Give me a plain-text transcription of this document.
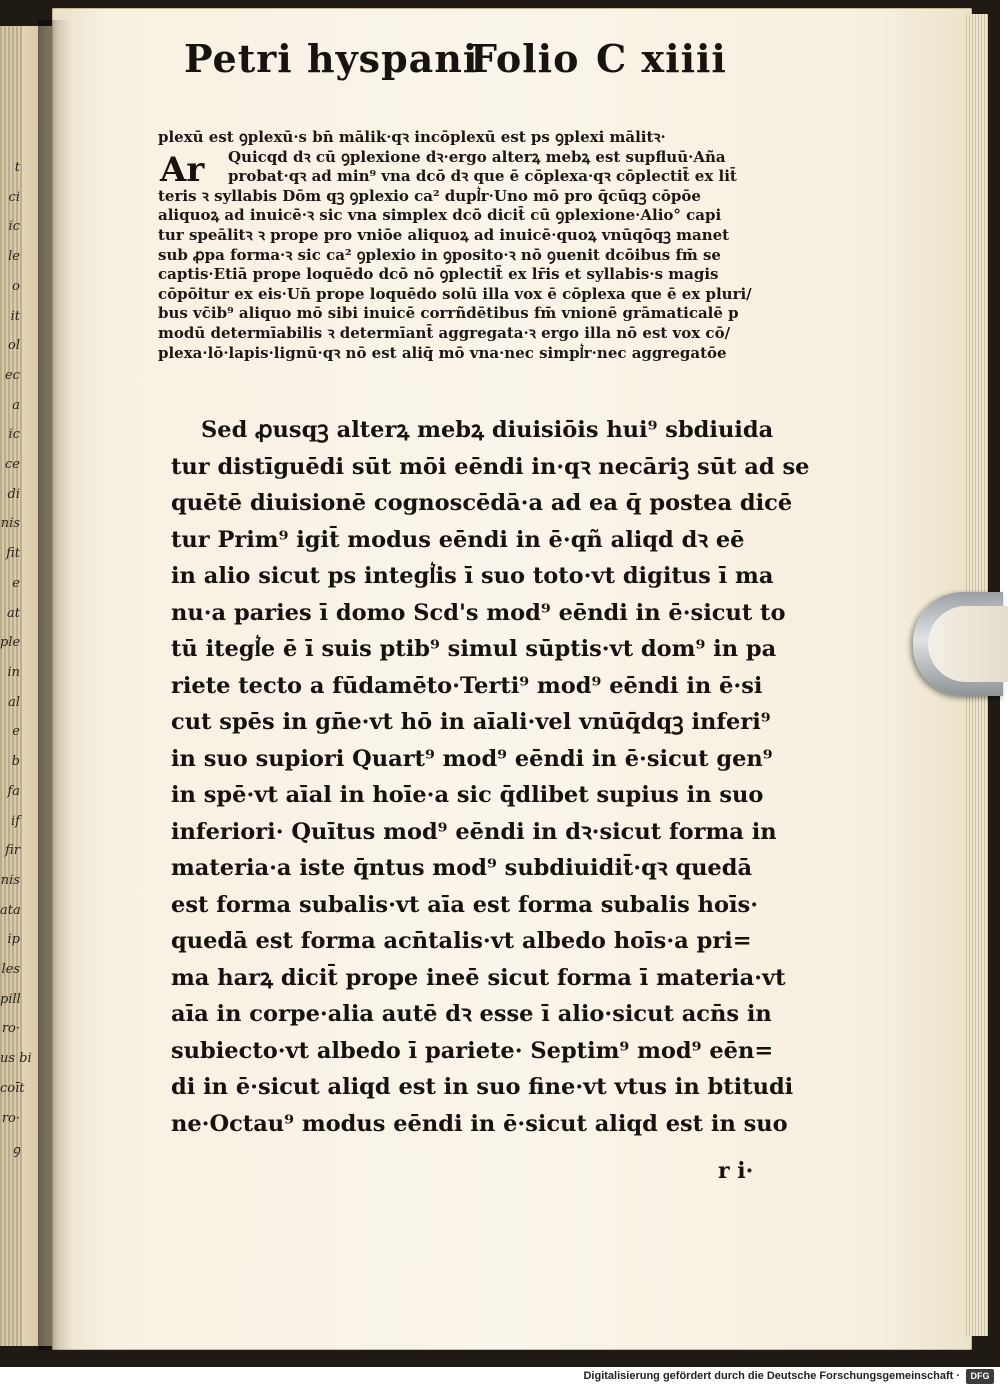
t
ci
ic
le
o
it
ol
ec
a
ic
ce
di
nis
fit
e
at
ple
in
al
e
b
fa
if
fir
nis
ata
ip
les
pill
ro·
us bi
coīt
ro·
ꝯ
Petri hyspani
Folio C xiiii
Ar
plexū est ꝯplexū·s bn̄ mālik·qꝛ incōplexū est ps ꝯplexi mālitꝛ·
Quicqd dꝛ cū ꝯplexione dꝛ·ergo alterꝝ mebꝝ est supfluū·Aña
probat·qꝛ ad min⁹ vna dcō dꝛ que ē cōplexa·qꝛ cōplectit̄ ex lit̄
teris ꝛ syllabis Dōm qꝫ ꝯplexio ca² dupl͛r·Uno mō pro q̄cūqꝫ cōpōe
aliquoꝝ ad inuicē·ꝛ sic vna simplex dcō dicit̄ cū ꝯplexione·Alio° capi
tur speālitꝛ ꝛ prope pro vniōe aliquoꝝ ad inuicē·quoꝝ vnūqōqꝫ manet
sub ꝓpa forma·ꝛ sic ca² ꝯplexio in ꝯposito·ꝛ nō ꝯuenit dcōibus fm̄ se
captis·Etiā prope loquēdo dcō nō ꝯplectit̄ ex lr̄is et syllabis·s magis
cōpōitur ex eis·Un̄ prope loquēdo solū illa vox ē cōplexa que ē ex pluri/
bus vc̄ib⁹ aliquo mō sibi inuicē corrñdētibus fm̄ vnionē grāmaticalē p
modū determīabilis ꝛ determīant̄ aggregata·ꝛ ergo illa nō est vox cō/
plexa·lō·lapis·lignū·qꝛ nō est aliq̄ mō vna·nec simpl͛r·nec aggregatōe
Sed ꝓusqꝫ alterꝝ mebꝝ diuisiōis hui⁹ sbdiuida
tur distīguēdi sūt mōi eēndi in·qꝛ necāriꝫ sūt ad se
quētē diuisionē cognoscēdā·a ad ea q̄ postea dicē
tur Prim⁹ igit̄ modus eēndi in ē·qñ aliqd dꝛ eē
in alio sicut ps integl͛is ī suo toto·vt digitus ī ma
nu·a paries ī domo Scd's mod⁹ eēndi in ē·sicut to
tū itegl͛e ē ī suis ptib⁹ simul sūptis·vt dom⁹ in pa
riete tecto a fūdamēto·Terti⁹ mod⁹ eēndi in ē·si
cut spēs in gn̄e·vt hō in aīali·vel vnūq̄dqꝫ inferi⁹
in suo supiori Quart⁹ mod⁹ eēndi in ē·sicut gen⁹
in spē·vt aīal in hoīe·a sic q̄dlibet supius in suo
inferiori· Quītus mod⁹ eēndi in dꝛ·sicut forma in
materia·a iste q̄ntus mod⁹ subdiuidit̄·qꝛ quedā
est forma subalis·vt aīa est forma subalis hoīs·
quedā est forma acn̄talis·vt albedo hoīs·a pri=
ma harꝝ dicit̄ prope ineē sicut forma ī materia·vt
aīa in corpe·alia autē dꝛ esse ī alio·sicut acn̄s in
subiecto·vt albedo ī pariete· Septim⁹ mod⁹ eēn=
di in ē·sicut aliqd est in suo fine·vt vtus in btitudi
ne·Octau⁹ modus eēndi in ē·sicut aliqd est in suo
r i·
Digitalisierung gefördert durch die Deutsche Forschungsgemeinschaft ·	DFG
